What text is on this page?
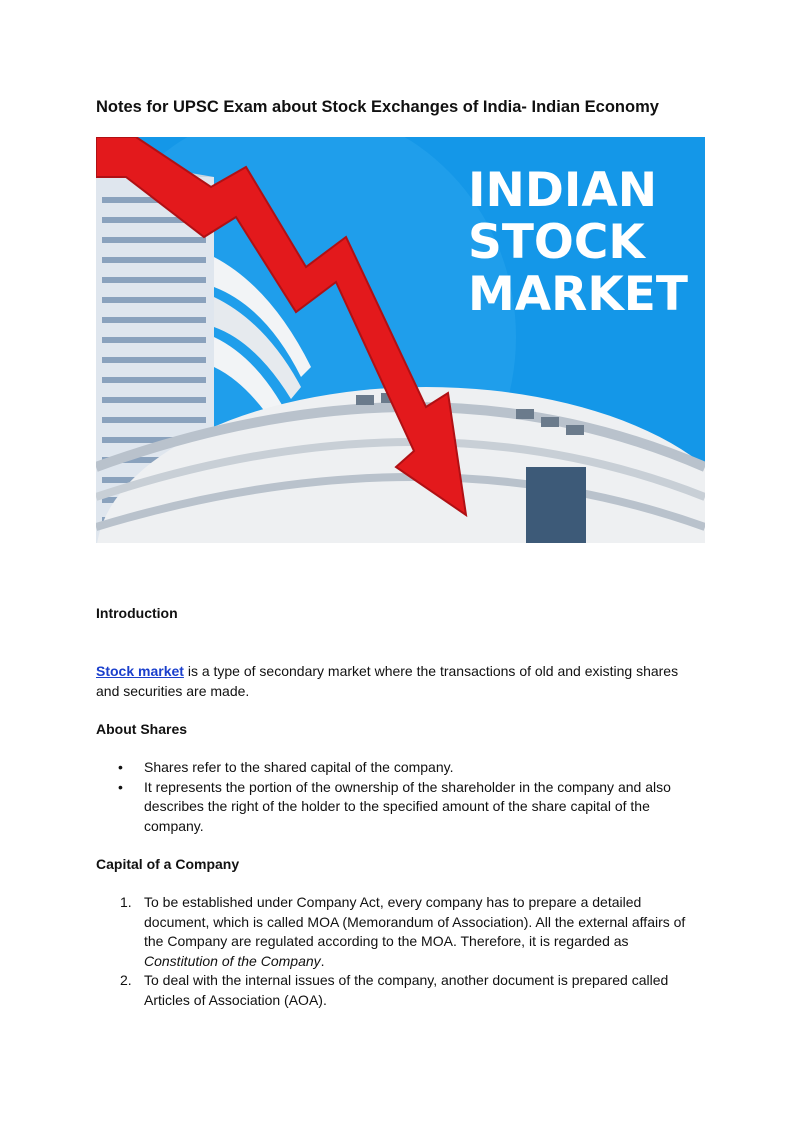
Notes for UPSC Exam about Stock Exchanges of India- Indian Economy
INDIAN
STOCK
MARKET

Introduction

Stock market is a type of secondary market where the transactions of old and existing shares and securities are made.

About Shares

• Shares refer to the shared capital of the company.
• It represents the portion of the ownership of the shareholder in the company and also describes the right of the holder to the specified amount of the share capital of the company.

Capital of a Company

1. To be established under Company Act, every company has to prepare a detailed document, which is called MOA (Memorandum of Association). All the external affairs of the Company are regulated according to the MOA. Therefore, it is regarded as Constitution of the Company.
2. To deal with the internal issues of the company, another document is prepared called Articles of Association (AOA).
